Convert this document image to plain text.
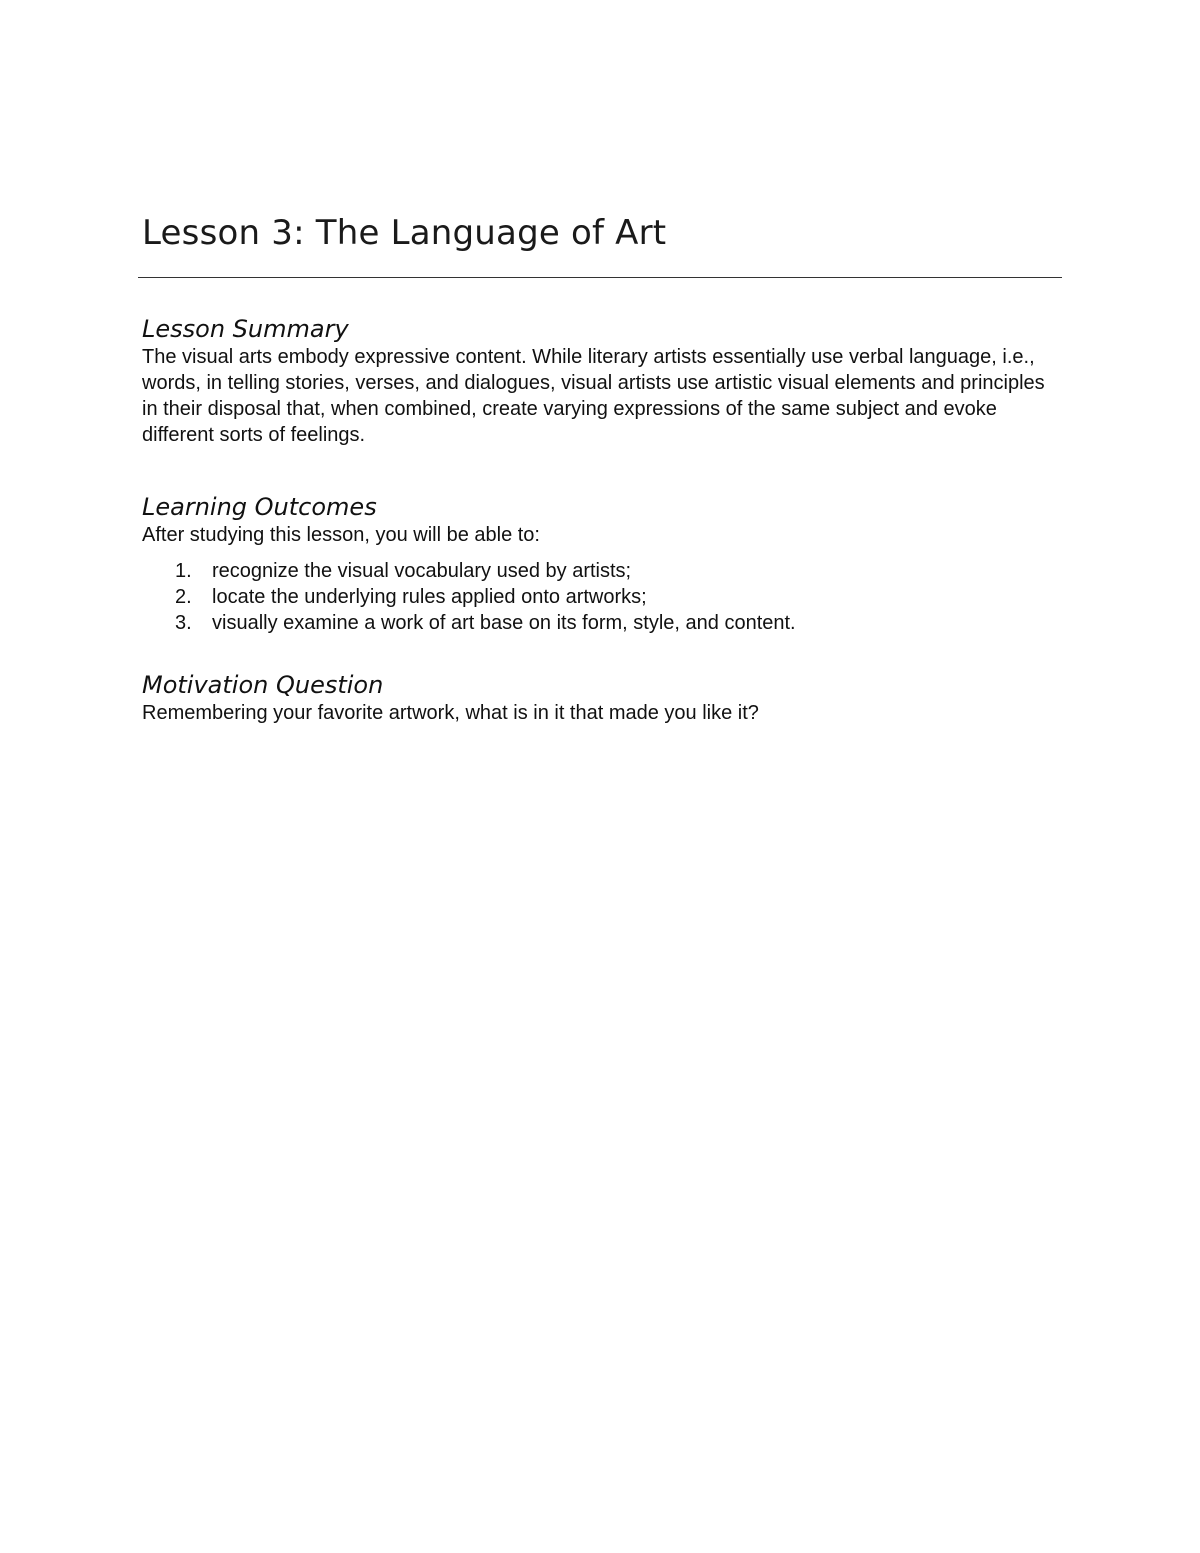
Lesson 3: The Language of Art
Lesson Summary

The visual arts embody expressive content. While literary artists essentially use verbal language, i.e., words, in telling stories, verses, and dialogues, visual artists use artistic visual elements and principles in their disposal that, when combined, create varying expressions of the same subject and evoke different sorts of feelings.

Learning Outcomes

After studying this lesson, you will be able to:

1. recognize the visual vocabulary used by artists;
2. locate the underlying rules applied onto artworks;
3. visually examine a work of art base on its form, style, and content.
Motivation Question

Remembering your favorite artwork, what is in it that made you like it?
